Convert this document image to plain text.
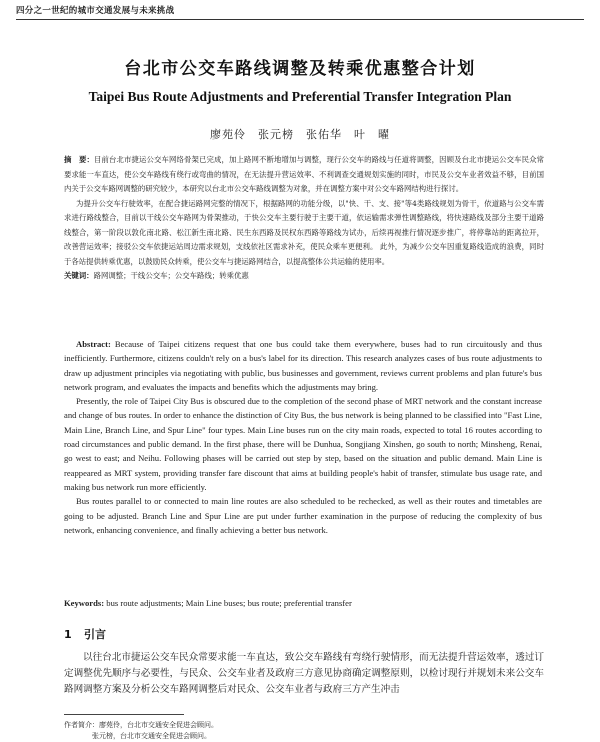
四分之一世纪的城市交通发展与未来挑战
台北市公交车路线调整及转乘优惠整合计划
Taipei Bus Route Adjustments and Preferential Transfer Integration Plan
廖苑伶　张元榜　张佑华　叶　曜
摘　要：目前台北市捷运公交车网络骨架已完成，加上路网不断地增加与调整，现行公交车的路线与任道将调整，因顾及台北市捷运公交车民众常要求能一车直达，使公交车路线有绕行或弯曲的情况，在无法提升营运效率、不利调查交通规划实施的同时，市民及公交车业者效益不够，目前国内关于公交车路网调整的研究较少，本研究以台北市公交车路线调整为对象，并在调整方案中对公交车路网结构进行探讨。
为提升公交车行驶效率，在配合捷运路网完整的情况下，根据路网的功能分级，以"快、干、支、接"等4类路线规划为骨干，依道路与公交车需求进行路线整合，目前以干线公交车路网为骨架推动，于快公交车主要行驶于主要干道，依运输需求弹性调整路线，将快速路线及部分主要干道路线整合，第一阶段以敦化南北路、松江新生南北路、民生东西路及民权东西路等路线为试办，后续再视推行情况逐步推广，将停靠站的距离拉开，改善营运效率；接驳公交车依捷运站周边需求规划，支线依社区需求补充，使民众乘车更便利。 此外，为减少公交车因重复路线造成的浪费，同时于各站提供转乘优惠，以鼓励民众转乘，使公交车与捷运路网结合，以提高整体公共运输的使用率。
关键词：路网调整；干线公交车；公交车路线；转乘优惠

Abstract: Because of Taipei citizens request that one bus could take them everywhere, buses had to run circuitously and thus inefficiently. Furthermore, citizens couldn't rely on a bus's label for its direction. This research analyzes cases of bus route adjustments to draw up adjustment principles via negotiating with public, bus businesses and government, reviews current problems and plan future's bus network program, and evaluates the impacts and benefits which the adjustments may bring.

Presently, the role of Taipei City Bus is obscured due to the completion of the second phase of MRT network and the constant increase and change of bus routes. In order to enhance the distinction of City Bus, the bus network is being planned to be classified into "Fast Line, Main Line, Branch Line, and Spur Line" four types. Main Line buses run on the city main roads, expected to total 16 routes according to road circumstances and public demand. In the first phase, there will be Dunhua, Songjiang Xinshen, go south to north; Minsheng, Renai, go west to east; and Neihu. Following phases will be carried out step by step, based on the situation and public demand. Main Line is reappeared as MRT system, providing transfer fare discount that aims at building people's habit of transfer, stimulate bus usage rate, and making bus network run more efficiently.

Bus routes parallel to or connected to main line routes are also scheduled to be rechecked, as well as their routes and timetables are going to be adjusted. Branch Line and Spur Line are put under further examination in the purpose of reducing the complexity of bus network, enhancing convenience, and finally achieving a better bus network.

Keywords: bus route adjustments; Main Line buses; bus route; preferential transfer
1 引言
以往台北市捷运公交车民众常要求能一车直达，致公交车路线有弯绕行驶情形，而无法提升营运效率，透过订定调整优先顺序与必要性，与民众、公交车业者及政府三方意见协商确定调整原则，以检讨现行并规划未来公交车路网调整方案及分析公交车路网调整后对民众、公交车业者与政府三方产生冲击
作者简介：廖苑伶，台北市交通安全促进会顾问。
张元榜，台北市交通安全促进会顾问。
